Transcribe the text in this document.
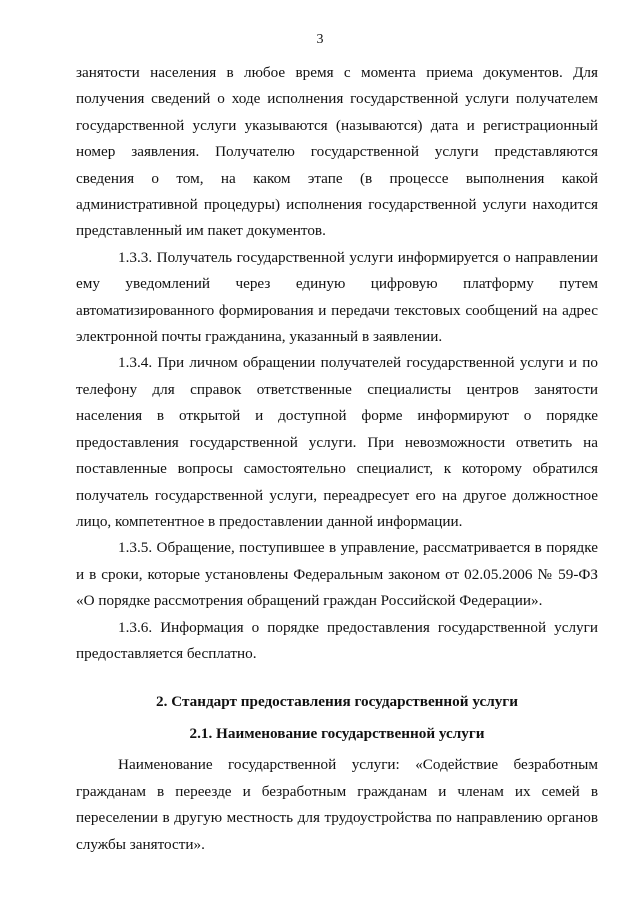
3

занятости населения в любое время с момента приема документов. Для получения сведений о ходе исполнения государственной услуги получателем государственной услуги указываются (называются) дата и регистрационный номер заявления. Получателю государственной услуги представляются сведения о том, на каком этапе (в процессе выполнения какой административной процедуры) исполнения государственной услуги находится представленный им пакет документов.

1.3.3. Получатель государственной услуги информируется о направлении ему уведомлений через единую цифровую платформу путем автоматизированного формирования и передачи текстовых сообщений на адрес электронной почты гражданина, указанный в заявлении.

1.3.4. При личном обращении получателей государственной услуги и по телефону для справок ответственные специалисты центров занятости населения в открытой и доступной форме информируют о порядке предоставления государственной услуги. При невозможности ответить на поставленные вопросы самостоятельно специалист, к которому обратился получатель государственной услуги, переадресует его на другое должностное лицо, компетентное в предоставлении данной информации.

1.3.5. Обращение, поступившее в управление, рассматривается в порядке и в сроки, которые установлены Федеральным законом от 02.05.2006 № 59-ФЗ «О порядке рассмотрения обращений граждан Российской Федерации».

1.3.6. Информация о порядке предоставления государственной услуги предоставляется бесплатно.

2. Стандарт предоставления государственной услуги
2.1. Наименование государственной услуги

Наименование государственной услуги: «Содействие безработным гражданам в переезде и безработным гражданам и членам их семей в переселении в другую местность для трудоустройства по направлению органов службы занятости».
